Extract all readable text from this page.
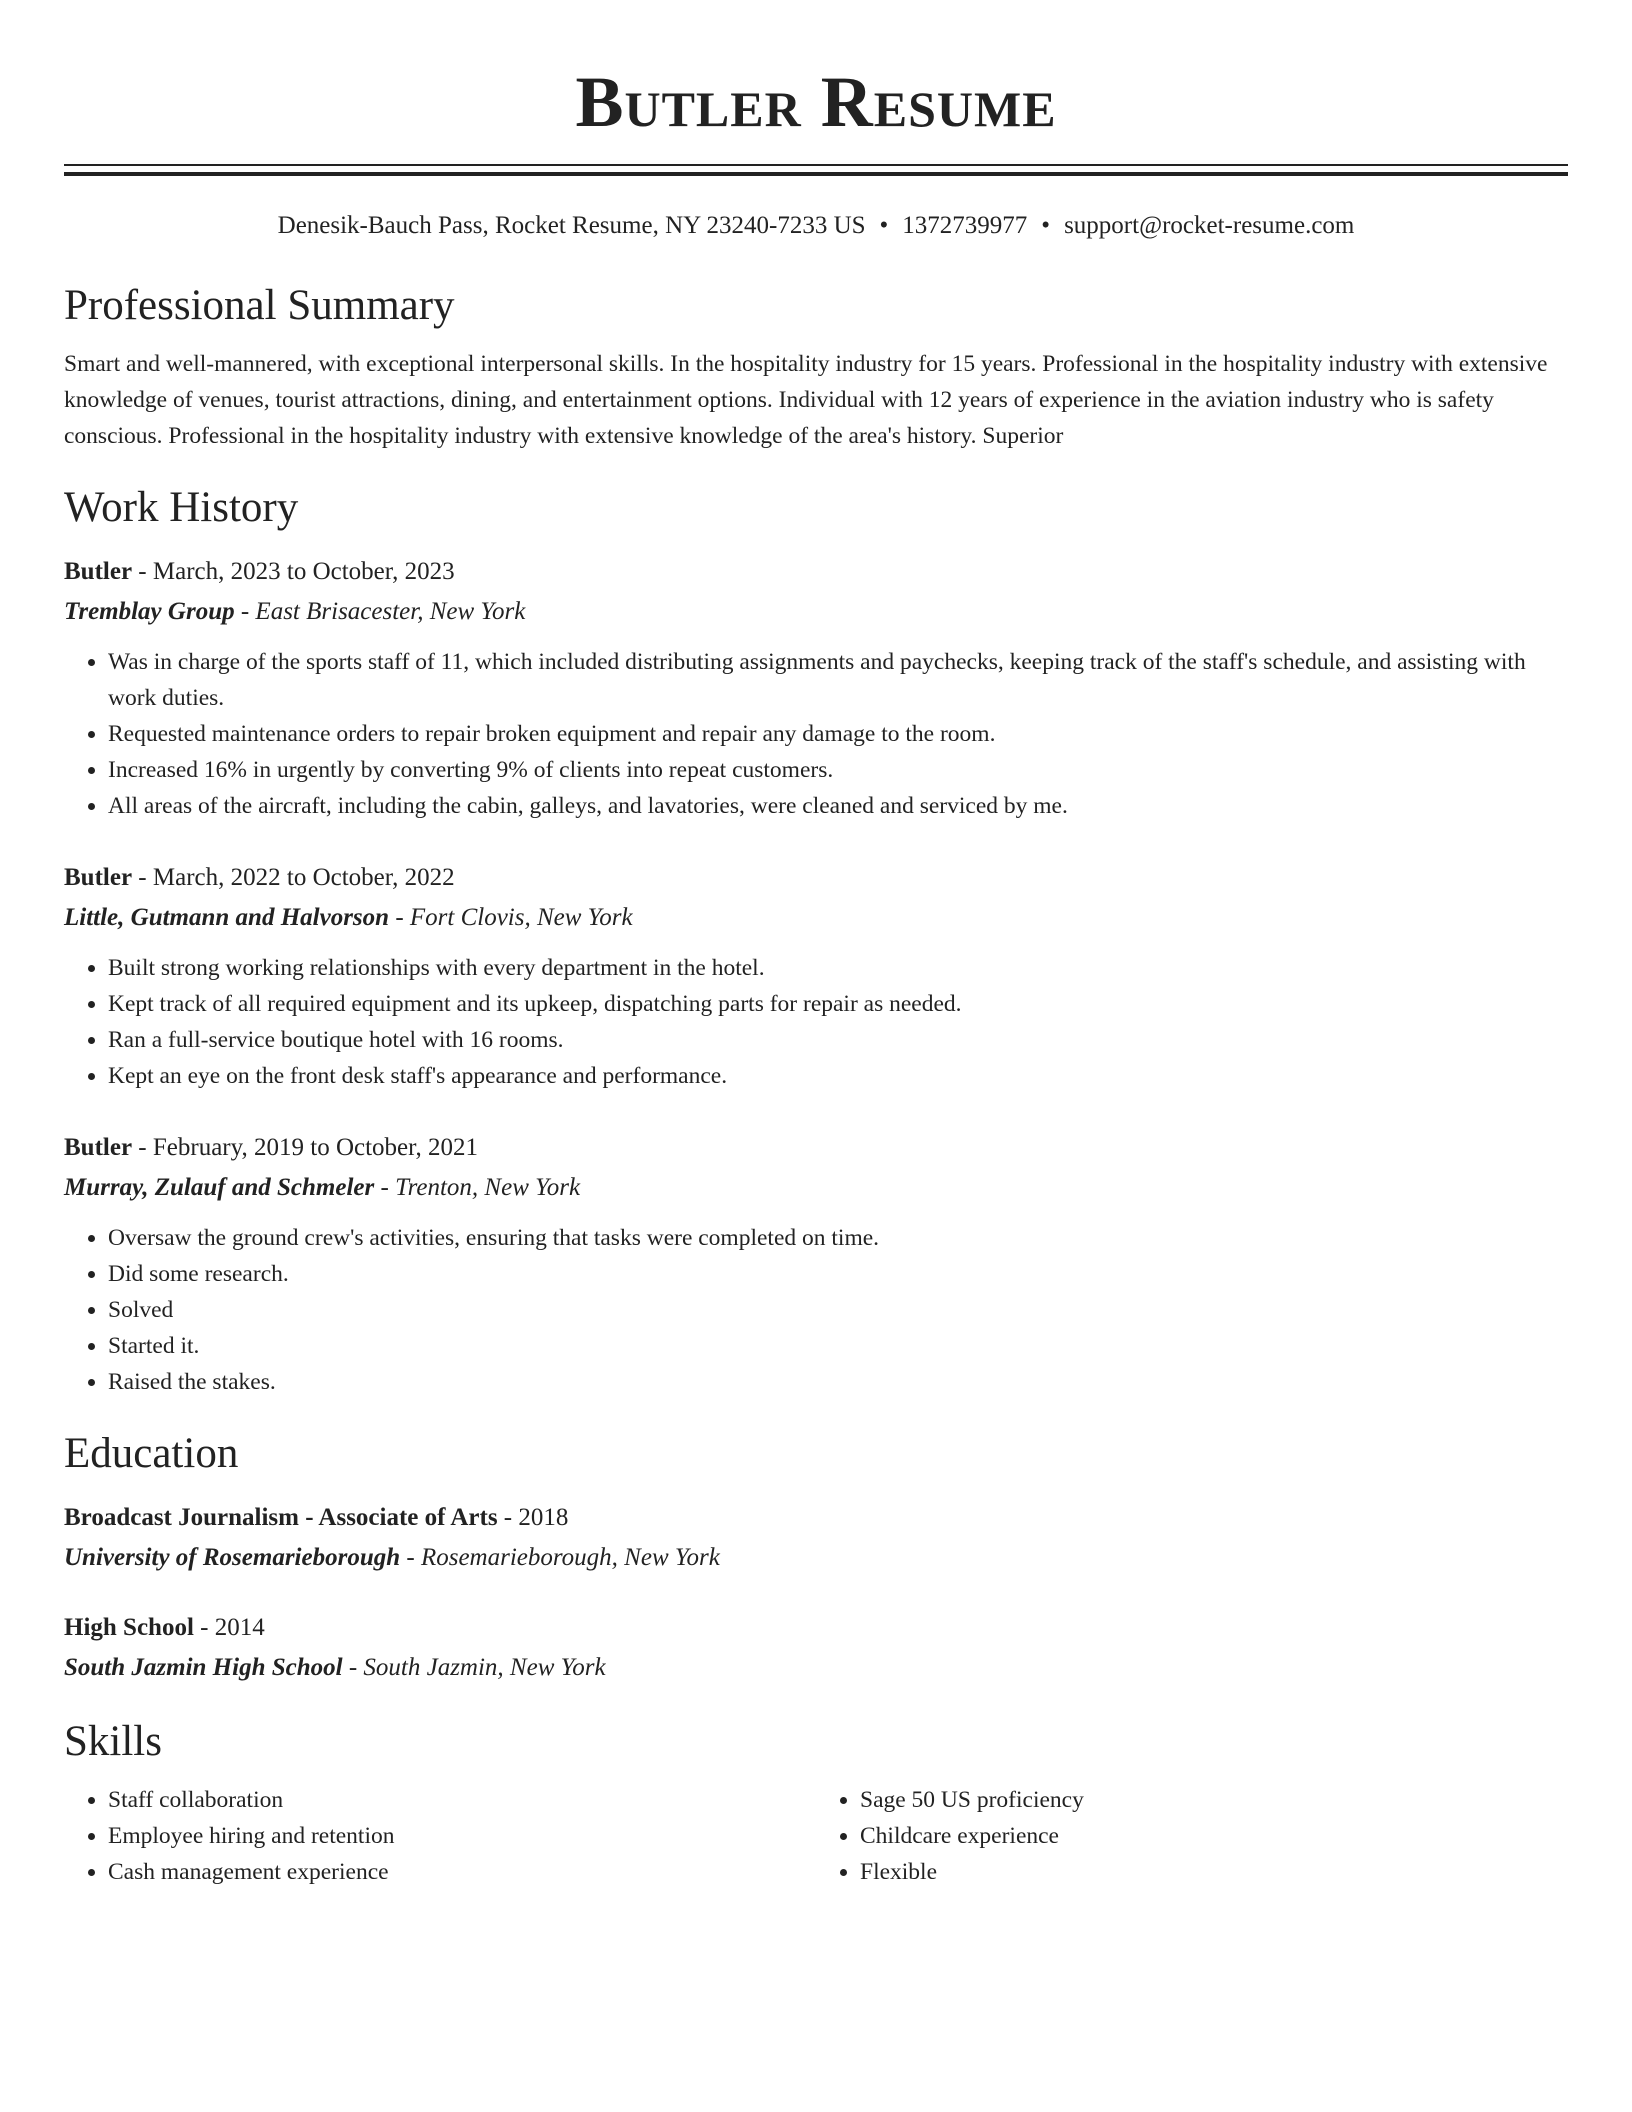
Butler Resume
Denesik-Bauch Pass, Rocket Resume, NY 23240-7233 US • 1372739977 • support@rocket-resume.com
Professional Summary

Smart and well-mannered, with exceptional interpersonal skills. In the hospitality industry for 15 years. Professional in the hospitality industry with extensive knowledge of venues, tourist attractions, dining, and entertainment options. Individual with 12 years of experience in the aviation industry who is safety conscious. Professional in the hospitality industry with extensive knowledge of the area's history. Superior

Work History
Butler - March, 2023 to October, 2023
Tremblay Group - East Brisacester, New York
• Was in charge of the sports staff of 11, which included distributing assignments and paychecks, keeping track of the staff's schedule, and assisting with work duties.
• Requested maintenance orders to repair broken equipment and repair any damage to the room.
• Increased 16% in urgently by converting 9% of clients into repeat customers.
• All areas of the aircraft, including the cabin, galleys, and lavatories, were cleaned and serviced by me.
Butler - March, 2022 to October, 2022
Little, Gutmann and Halvorson - Fort Clovis, New York
• Built strong working relationships with every department in the hotel.
• Kept track of all required equipment and its upkeep, dispatching parts for repair as needed.
• Ran a full-service boutique hotel with 16 rooms.
• Kept an eye on the front desk staff's appearance and performance.
Butler - February, 2019 to October, 2021
Murray, Zulauf and Schmeler - Trenton, New York
• Oversaw the ground crew's activities, ensuring that tasks were completed on time.
• Did some research.
• Solved
• Started it.
• Raised the stakes.
Education
Broadcast Journalism - Associate of Arts - 2018
University of Rosemarieborough - Rosemarieborough, New York
High School - 2014
South Jazmin High School - South Jazmin, New York
Skills
• Staff collaboration
• Employee hiring and retention
• Cash management experience
• Sage 50 US proficiency
• Childcare experience
• Flexible
